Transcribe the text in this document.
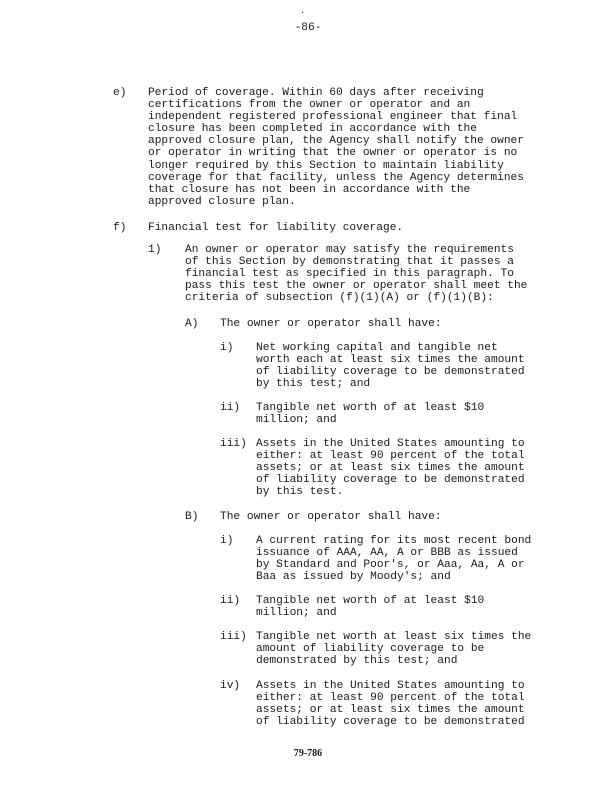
.
-86-
e) Period of coverage. Within 60 days after receiving
certifications from the owner or operator and an
independent registered professional engineer that final
closure has been completed in accordance with the
approved closure plan, the Agency shall notify the owner
or operator in writing that the owner or operator is no
longer required by this Section to maintain liability
coverage for that facility, unless the Agency determines
that closure has not been in accordance with the
approved closure plan.
f) Financial test for liability coverage.
1) An owner or operator may satisfy the requirements
of this Section by demonstrating that it passes a
financial test as specified in this paragraph. To
pass this test the owner or operator shall meet the
criteria of subsection (f)(1)(A) or (f)(1)(B):
A) The owner or operator shall have:
i) Net working capital and tangible net
worth each at least six times the amount
of liability coverage to be demonstrated
by this test; and
ii) Tangible net worth of at least $10
million; and
iii) Assets in the United States amounting to
either: at least 90 percent of the total
assets; or at least six times the amount
of liability coverage to be demonstrated
by this test.
B) The owner or operator shall have:
i) A current rating for its most recent bond
issuance of AAA, AA, A or BBB as issued
by Standard and Poor's, or Aaa, Aa, A or
Baa as issued by Moody's; and
ii) Tangible net worth of at least $10
million; and
iii) Tangible net worth at least six times the
amount of liability coverage to be
demonstrated by this test; and
iv) Assets in the United States amounting to
either: at least 90 percent of the total
assets; or at least six times the amount
of liability coverage to be demonstrated
79-786
